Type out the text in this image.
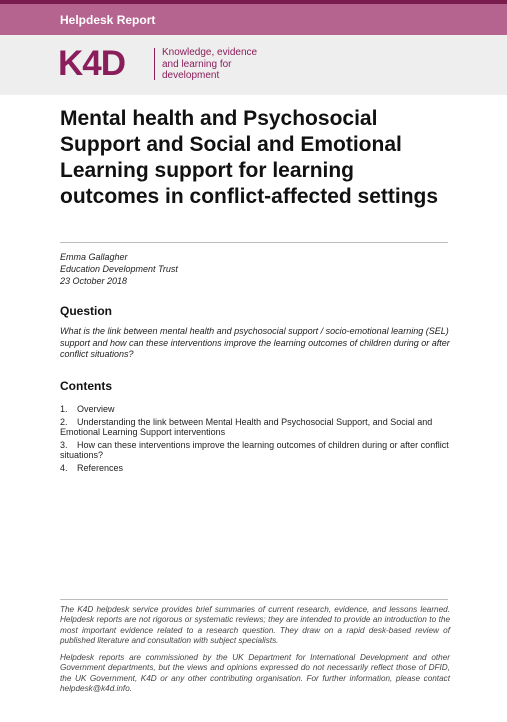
Helpdesk Report
K4D	Knowledge, evidence
and learning for
development
Mental health and Psychosocial Support and Social and Emotional Learning support for learning outcomes in conflict-affected settings
Emma Gallagher
Education Development Trust
23 October 2018
Question
What is the link between mental health and psychosocial support / socio-emotional learning (SEL) support and how can these interventions improve the learning outcomes of children during or after conflict situations?
Contents
1. Overview
2. Understanding the link between Mental Health and Psychosocial Support, and Social and Emotional Learning Support interventions
3. How can these interventions improve the learning outcomes of children during or after conflict situations?
4. References

The K4D helpdesk service provides brief summaries of current research, evidence, and lessons learned. Helpdesk reports are not rigorous or systematic reviews; they are intended to provide an introduction to the most important evidence related to a research question. They draw on a rapid desk-based review of published literature and consultation with subject specialists.

Helpdesk reports are commissioned by the UK Department for International Development and other Government departments, but the views and opinions expressed do not necessarily reflect those of DFID, the UK Government, K4D or any other contributing organisation. For further information, please contact helpdesk@k4d.info.
